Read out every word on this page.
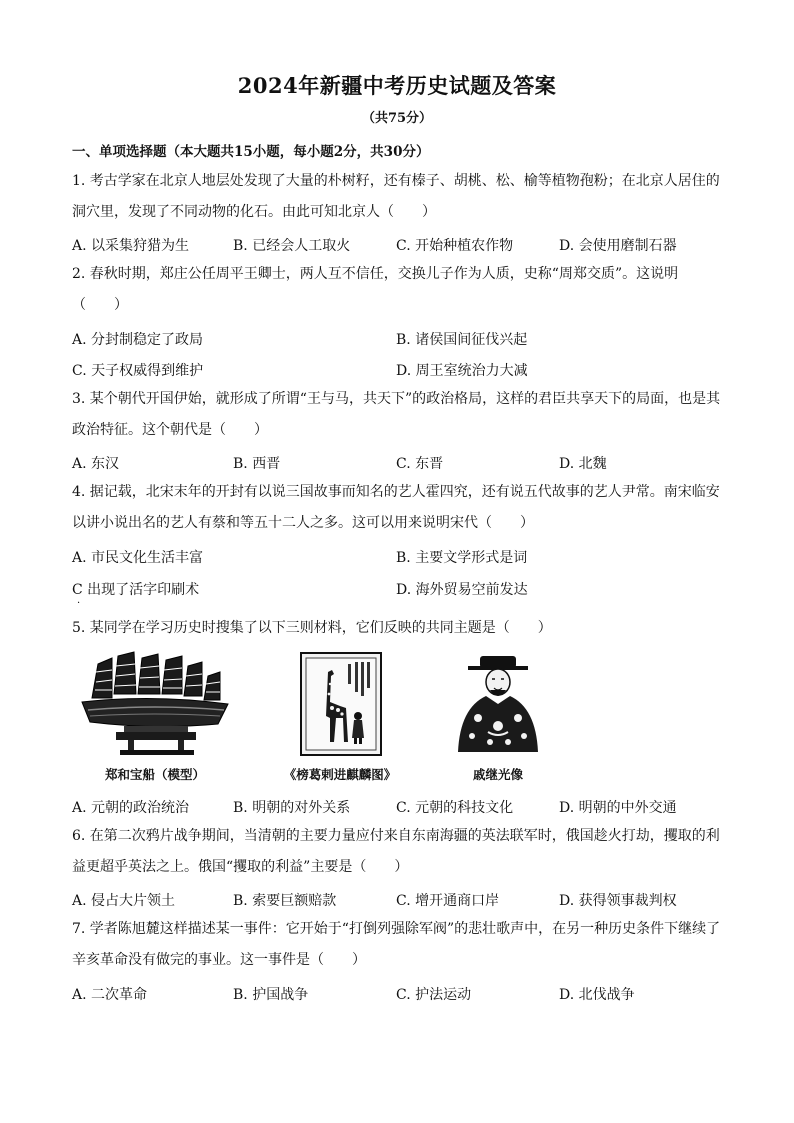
2024年新疆中考历史试题及答案
（共75分）
一、单项选择题（本大题共15小题，每小题2分，共30分）
1. 考古学家在北京人地层处发现了大量的朴树籽，还有榛子、胡桃、松、榆等植物孢粉；在北京人居住的洞穴里，发现了不同动物的化石。由此可知北京人（　　）
A. 以采集狩猎为生	B. 已经会人工取火	C. 开始种植农作物	D. 会使用磨制石器
2. 春秋时期，郑庄公任周平王卿士，两人互不信任，交换儿子作为人质，史称“周郑交质”。这说明（　　）
A. 分封制稳定了政局	B. 诸侯国间征伐兴起
C. 天子权威得到维护	D. 周王室统治力大减
3. 某个朝代开国伊始，就形成了所谓“王与马，共天下”的政治格局，这样的君臣共享天下的局面，也是其政治特征。这个朝代是（　　）
A. 东汉	B. 西晋	C. 东晋	D. 北魏
4. 据记载，北宋末年的开封有以说三国故事而知名的艺人霍四究，还有说五代故事的艺人尹常。南宋临安以讲小说出名的艺人有蔡和等五十二人之多。这可以用来说明宋代（　　）
A. 市民文化生活丰富	B. 主要文学形式是词
C 出现了活字印刷术	D. 海外贸易空前发达
·
5. 某同学在学习历史时搜集了以下三则材料，它们反映的共同主题是（　　）
郑和宝船（模型）	《榜葛剌进麒麟图》	戚继光像
A. 元朝的政治统治	B. 明朝的对外关系	C. 元朝的科技文化	D. 明朝的中外交通
6. 在第二次鸦片战争期间，当清朝的主要力量应付来自东南海疆的英法联军时，俄国趁火打劫，攫取的利益更超乎英法之上。俄国“攫取的利益”主要是（　　）
A. 侵占大片领土	B. 索要巨额赔款	C. 增开通商口岸	D. 获得领事裁判权
7. 学者陈旭麓这样描述某一事件：它开始于“打倒列强除军阀”的悲壮歌声中，在另一种历史条件下继续了辛亥革命没有做完的事业。这一事件是（　　）
A. 二次革命	B. 护国战争	C. 护法运动	D. 北伐战争
